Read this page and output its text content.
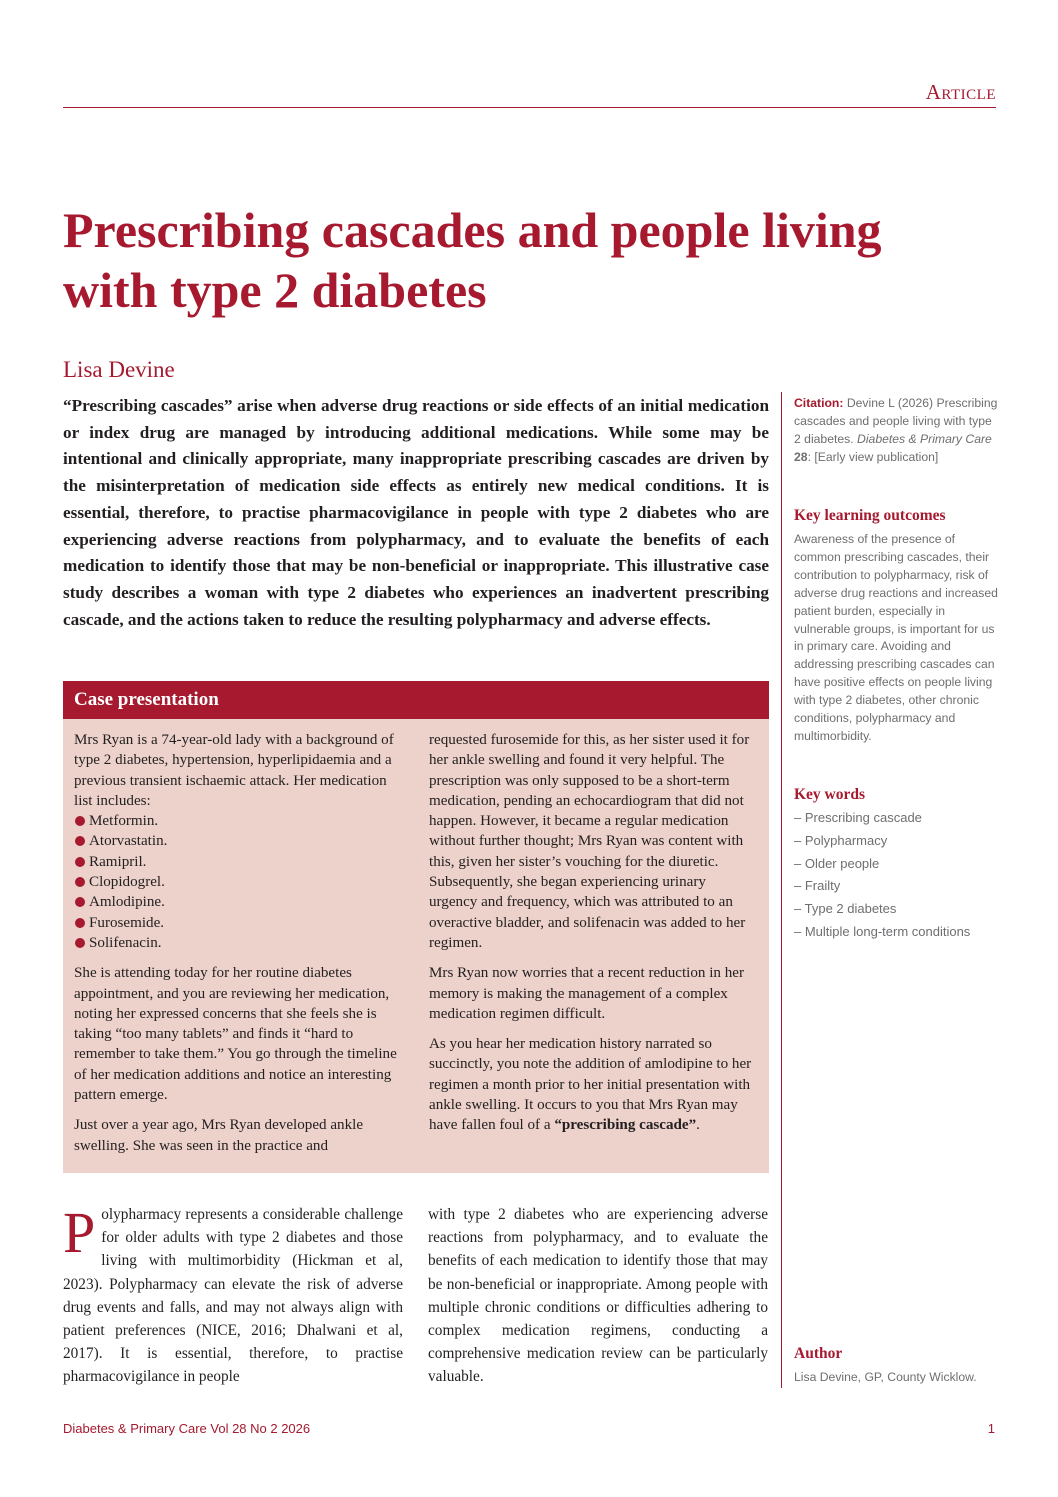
Article
Prescribing cascades and people living with type 2 diabetes
Lisa Devine

“Prescribing cascades” arise when adverse drug reactions or side effects of an initial medication or index drug are managed by introducing additional medications. While some may be intentional and clinically appropriate, many inappropriate prescribing cascades are driven by the misinterpretation of medication side effects as entirely new medical conditions. It is essential, therefore, to practise pharmacovigilance in people with type 2 diabetes who are experiencing adverse reactions from polypharmacy, and to evaluate the benefits of each medication to identify those that may be non-beneficial or inappropriate. This illustrative case study describes a woman with type 2 diabetes who experiences an inadvertent prescribing cascade, and the actions taken to reduce the resulting polypharmacy and adverse effects.

Citation: Devine L (2026) Prescribing cascades and people living with type 2 diabetes. Diabetes & Primary Care 28: [Early view publication]
Key learning outcomes
Awareness of the presence of common prescribing cascades, their contribution to polypharmacy, risk of adverse drug reactions and increased patient burden, especially in vulnerable groups, is important for us in primary care. Avoiding and addressing prescribing cascades can have positive effects on people living with type 2 diabetes, other chronic conditions, polypharmacy and multimorbidity.
Key words
– Prescribing cascade
– Polypharmacy
– Older people
– Frailty
– Type 2 diabetes
– Multiple long-term conditions
Author
Lisa Devine, GP, County Wicklow.
Case presentation

Mrs Ryan is a 74-year-old lady with a background of type 2 diabetes, hypertension, hyperlipidaemia and a previous transient ischaemic attack. Her medication list includes:

Metformin.
Atorvastatin.
Ramipril.
Clopidogrel.
Amlodipine.
Furosemide.
Solifenacin.

She is attending today for her routine diabetes appointment, and you are reviewing her medication, noting her expressed concerns that she feels she is taking “too many tablets” and finds it “hard to remember to take them.” You go through the timeline of her medication additions and notice an interesting pattern emerge.

Just over a year ago, Mrs Ryan developed ankle swelling. She was seen in the practice and

requested furosemide for this, as her sister used it for her ankle swelling and found it very helpful. The prescription was only supposed to be a short-term medication, pending an echocardiogram that did not happen. However, it became a regular medication without further thought; Mrs Ryan was content with this, given her sister’s vouching for the diuretic. Subsequently, she began experiencing urinary urgency and frequency, which was attributed to an overactive bladder, and solifenacin was added to her regimen.

Mrs Ryan now worries that a recent reduction in her memory is making the management of a complex medication regimen difficult.

As you hear her medication history narrated so succinctly, you note the addition of amlodipine to her regimen a month prior to her initial presentation with ankle swelling. It occurs to you that Mrs Ryan may have fallen foul of a “prescribing cascade”.

Polypharmacy represents a considerable challenge for older adults with type 2 diabetes and those living with multimorbidity (Hickman et al, 2023). Polypharmacy can elevate the risk of adverse drug events and falls, and may not always align with patient preferences (NICE, 2016; Dhalwani et al, 2017). It is essential, therefore, to practise pharmacovigilance in people

with type 2 diabetes who are experiencing adverse reactions from polypharmacy, and to evaluate the benefits of each medication to identify those that may be non-beneficial or inappropriate. Among people with multiple chronic conditions or difficulties adhering to complex medication regimens, conducting a comprehensive medication review can be particularly valuable.

Diabetes & Primary Care Vol 28 No 2 2026	1
